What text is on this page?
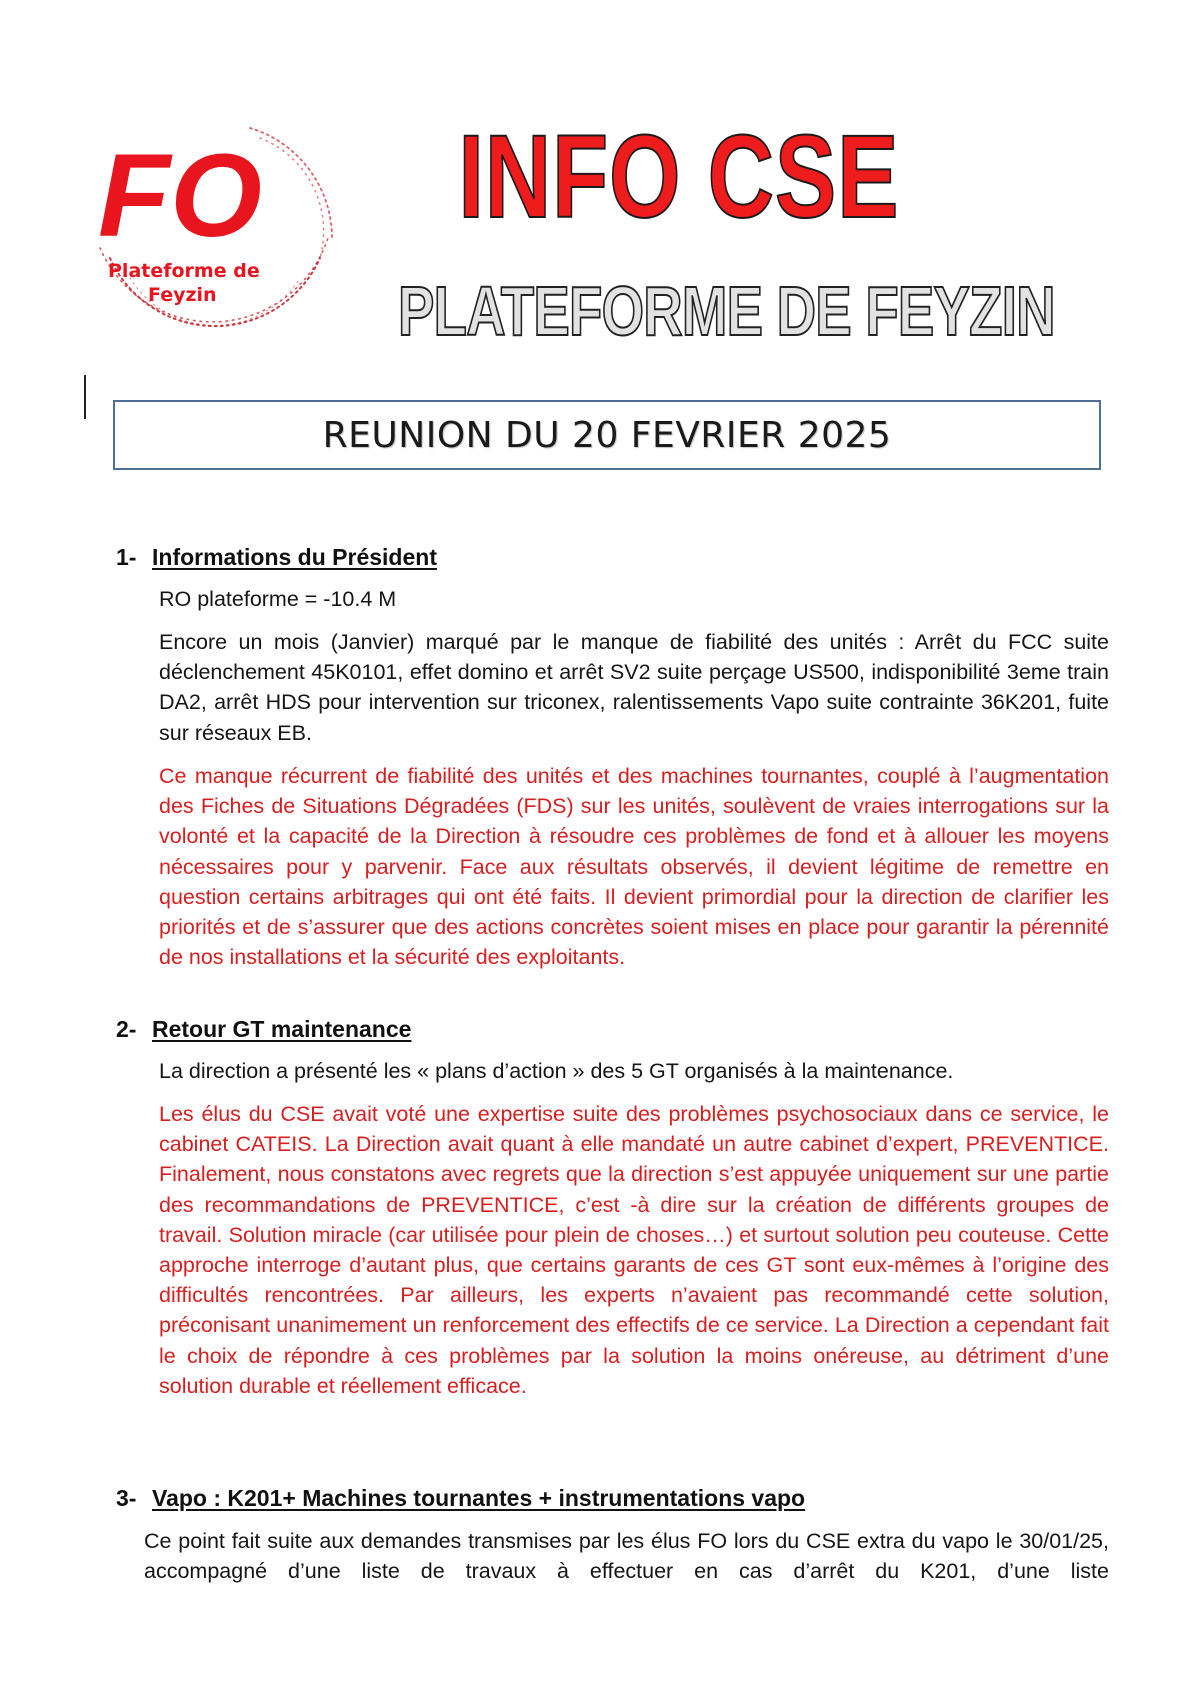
FO
Plateforme de
Feyzin
INFO CSE
PLATEFORME DE FEYZIN
REUNION DU 20 FEVRIER 2025
1- Informations du Président

RO plateforme = -10.4 M

Encore un mois (Janvier) marqué par le manque de fiabilité des unités : Arrêt du FCC suite déclenchement 45K0101, effet domino et arrêt SV2 suite perçage US500, indisponibilité 3eme train DA2, arrêt HDS pour intervention sur triconex, ralentissements Vapo suite contrainte 36K201, fuite sur réseaux EB.

Ce manque récurrent de fiabilité des unités et des machines tournantes, couplé à l’augmentation des Fiches de Situations Dégradées (FDS) sur les unités, soulèvent de vraies interrogations sur la volonté et la capacité de la Direction à résoudre ces problèmes de fond et à allouer les moyens nécessaires pour y parvenir. Face aux résultats observés, il devient légitime de remettre en question certains arbitrages qui ont été faits. Il devient primordial pour la direction de clarifier les priorités et de s’assurer que des actions concrètes soient mises en place pour garantir la pérennité de nos installations et la sécurité des exploitants.

2- Retour GT maintenance

La direction a présenté les « plans d’action » des 5 GT organisés à la maintenance.

Les élus du CSE avait voté une expertise suite des problèmes psychosociaux dans ce service, le cabinet CATEIS. La Direction avait quant à elle mandaté un autre cabinet d’expert, PREVENTICE. Finalement, nous constatons avec regrets que la direction s’est appuyée uniquement sur une partie des recommandations de PREVENTICE, c’est -à dire sur la création de différents groupes de travail. Solution miracle (car utilisée pour plein de choses…) et surtout solution peu couteuse. Cette approche interroge d’autant plus, que certains garants de ces GT sont eux-mêmes à l’origine des difficultés rencontrées. Par ailleurs, les experts n’avaient pas recommandé cette solution, préconisant unanimement un renforcement des effectifs de ce service. La Direction a cependant fait le choix de répondre à ces problèmes par la solution la moins onéreuse, au détriment d’une solution durable et réellement efficace.

3- Vapo : K201+ Machines tournantes + instrumentations vapo

Ce point fait suite aux demandes transmises par les élus FO lors du CSE extra du vapo le 30/01/25, accompagné d’une liste de travaux à effectuer en cas d’arrêt du K201, d’une liste
